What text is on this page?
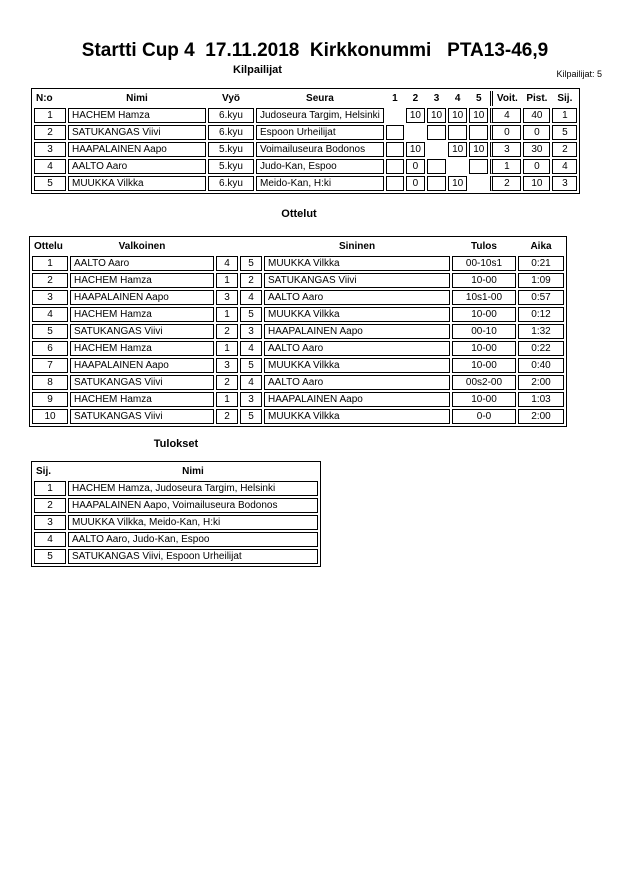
Startti Cup 4  17.11.2018  Kirkkonummi   PTA13-46,9
Kilpailijat	Kilpailijat: 5
N:o	Nimi	Vyö	Seura	1	2	3	4	5	Voit.	Pist.	Sij.
1	HACHEM Hamza	6.kyu	Judoseura Targim, Helsinki		10	10	10	10	4	40	1
2	SATUKANGAS Viivi	6.kyu	Espoon Urheilijat						0	0	5
3	HAAPALAINEN Aapo	5.kyu	Voimailuseura Bodonos		10		10	10	3	30	2
4	AALTO Aaro	5.kyu	Judo-Kan, Espoo		0				1	0	4
5	MUUKKA Vilkka	6.kyu	Meido-Kan, H:ki		0		10		2	10	3
Ottelut
Ottelu	Valkoinen			Sininen	Tulos	Aika
1	AALTO Aaro	4	5	MUUKKA Vilkka	00-10s1	0:21
2	HACHEM Hamza	1	2	SATUKANGAS Viivi	10-00	1:09
3	HAAPALAINEN Aapo	3	4	AALTO Aaro	10s1-00	0:57
4	HACHEM Hamza	1	5	MUUKKA Vilkka	10-00	0:12
5	SATUKANGAS Viivi	2	3	HAAPALAINEN Aapo	00-10	1:32
6	HACHEM Hamza	1	4	AALTO Aaro	10-00	0:22
7	HAAPALAINEN Aapo	3	5	MUUKKA Vilkka	10-00	0:40
8	SATUKANGAS Viivi	2	4	AALTO Aaro	00s2-00	2:00
9	HACHEM Hamza	1	3	HAAPALAINEN Aapo	10-00	1:03
10	SATUKANGAS Viivi	2	5	MUUKKA Vilkka	0-0	2:00
Tulokset
Sij.	Nimi
1	HACHEM Hamza, Judoseura Targim, Helsinki
2	HAAPALAINEN Aapo, Voimailuseura Bodonos
3	MUUKKA Vilkka, Meido-Kan, H:ki
4	AALTO Aaro, Judo-Kan, Espoo
5	SATUKANGAS Viivi, Espoon Urheilijat
